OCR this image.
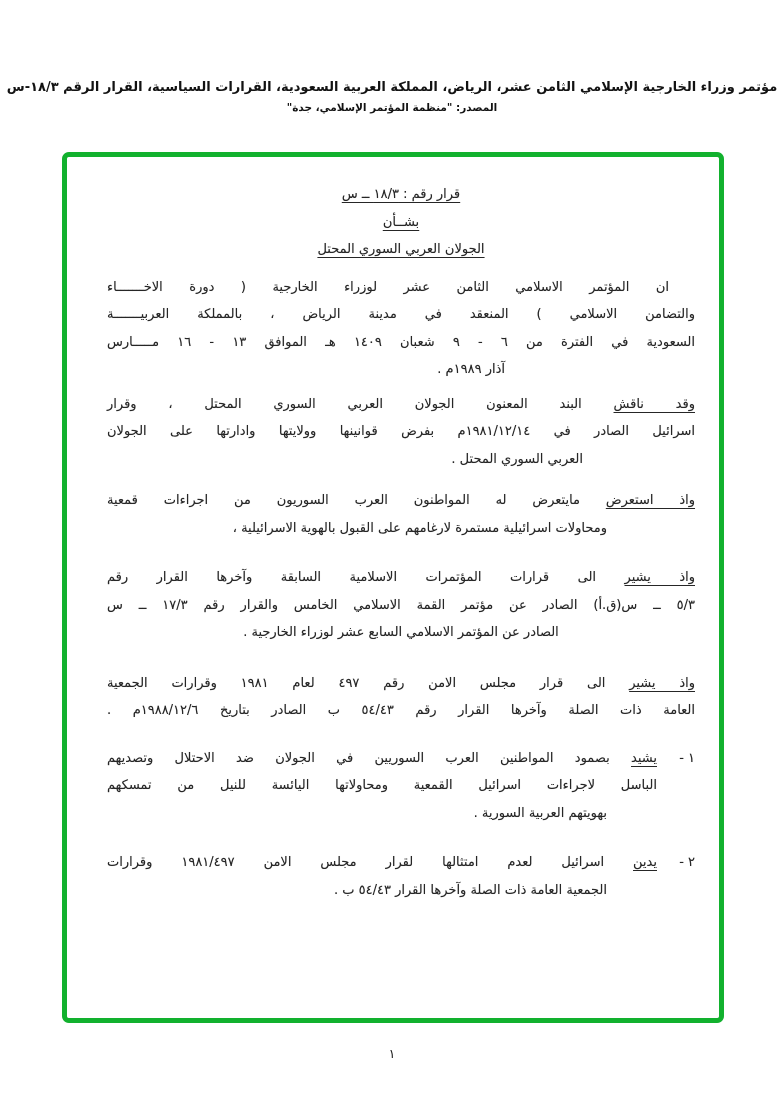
مؤتمر وزراء الخارجية الإسلامي الثامن عشر، الرياض، المملكة العربية السعودية، القرارات السياسية، القرار الرقم ١٨/٣-س
المصدر: "منظمة المؤتمر الإسلامي، جدة"
قرار رقم : ١٨/٣ ــ س
بشــأن
الجولان العربي السوري المحتل
ان المؤتمر الاسلامي الثامن عشر لوزراء الخارجية ( دورة الاخـــــــاء
والتضامن الاسلامي ) المنعقد في مدينة الرياض ، بالمملكة العربيـــــــة
السعودية في الفترة من ٦ - ٩ شعبان ١٤٠٩ هـ الموافق ١٣ - ١٦ مـــــارس
آذار ١٩٨٩م .
وقد ناقش البند المعنون الجولان العربي السوري المحتل ، وقرار
اسرائيل الصادر في ١٩٨١/١٢/١٤م بفرض قوانينها وولايتها وادارتها على الجولان
العربي السوري المحتل .
واذ استعرض مايتعرض له المواطنون العرب السوريون من اجراءات قمعية
ومحاولات اسرائيلية مستمرة لارغامهم على القبول بالهوية الاسرائيلية ،
واذ يشير الى قرارات المؤتمرات الاسلامية السابقة وآخرها القرار رقم
٥/٣ ــ س(ق.أ) الصادر عن مؤتمر القمة الاسلامي الخامس والقرار رقم ١٧/٣ ــ س
الصادر عن المؤتمر الاسلامي السابع عشر لوزراء الخارجية .
واذ يشير الى قرار مجلس الامن رقم ٤٩٧ لعام ١٩٨١ وقرارات الجمعية
العامة ذات الصلة وآخرها القرار رقم ٥٤/٤٣ ب الصادر بتاريخ ١٩٨٨/١٢/٦م .
١ -
يشيد بصمود المواطنين العرب السوريين في الجولان ضد الاحتلال وتصديهم
الباسل لاجراءات اسرائيل القمعية ومحاولاتها اليائسة للنيل من تمسكهم
بهويتهم العربية السورية .
٢ -
يدين اسرائيل لعدم امتثالها لقرار مجلس الامن ١٩٨١/٤٩٧ وقرارات
الجمعية العامة ذات الصلة وآخرها القرار ٥٤/٤٣ ب .
١
